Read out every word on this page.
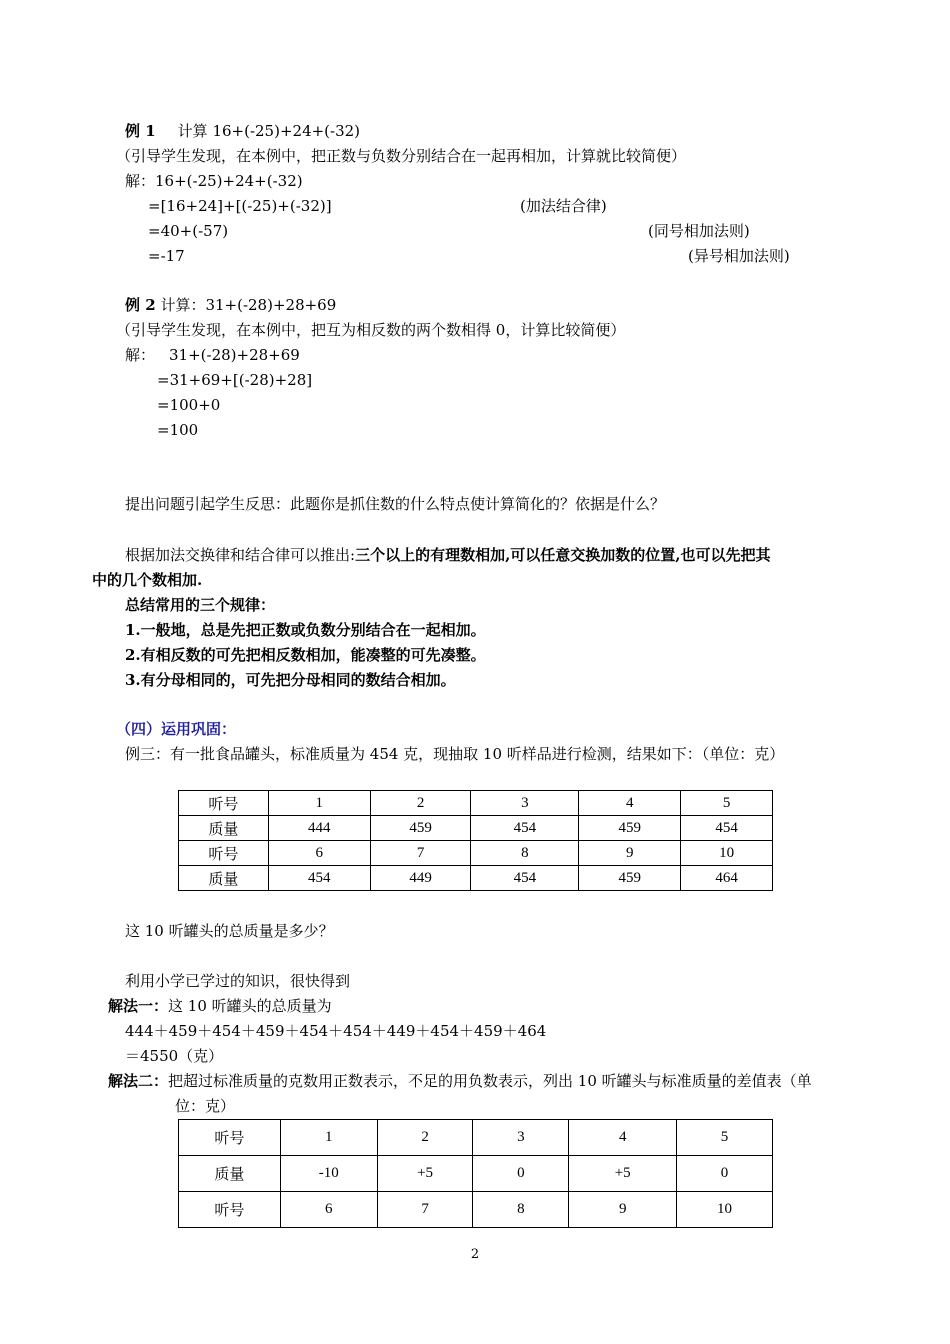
例 1 计算 16+(-25)+24+(-32)
（引导学生发现，在本例中，把正数与负数分别结合在一起再相加，计算就比较简便）
解：16+(-25)+24+(-32)
=[16+24]+[(-25)+(-32)]	(加法结合律)
=40+(-57)	(同号相加法则)
=-17	(异号相加法则)
例 2 计算：31+(-28)+28+69
（引导学生发现，在本例中，把互为相反数的两个数相得 0，计算比较简便）
解： 31+(-28)+28+69
=31+69+[(-28)+28]
=100+0
=100
提出问题引起学生反思：此题你是抓住数的什么特点使计算简化的？依据是什么？
根据加法交换律和结合律可以推出:三个以上的有理数相加,可以任意交换加数的位置,也可以先把其
中的几个数相加.
总结常用的三个规律：
1.一般地，总是先把正数或负数分别结合在一起相加。
2.有相反数的可先把相反数相加，能凑整的可先凑整。
3.有分母相同的，可先把分母相同的数结合相加。
（四）运用巩固：
例三：有一批食品罐头，标准质量为 454 克，现抽取 10 听样品进行检测，结果如下：（单位：克）
听号	1	2	3	4	5
质量	444	459	454	459	454
听号	6	7	8	9	10
质量	454	449	454	459	464
这 10 听罐头的总质量是多少？
利用小学已学过的知识，很快得到
解法一：这 10 听罐头的总质量为
444＋459＋454＋459＋454＋454＋449＋454＋459＋464
＝4550（克）
解法二：把超过标准质量的克数用正数表示，不足的用负数表示，列出 10 听罐头与标准质量的差值表（单
位：克）
听号	1	2	3	4	5
质量	-10	+5	0	+5	0
听号	6	7	8	9	10
2
